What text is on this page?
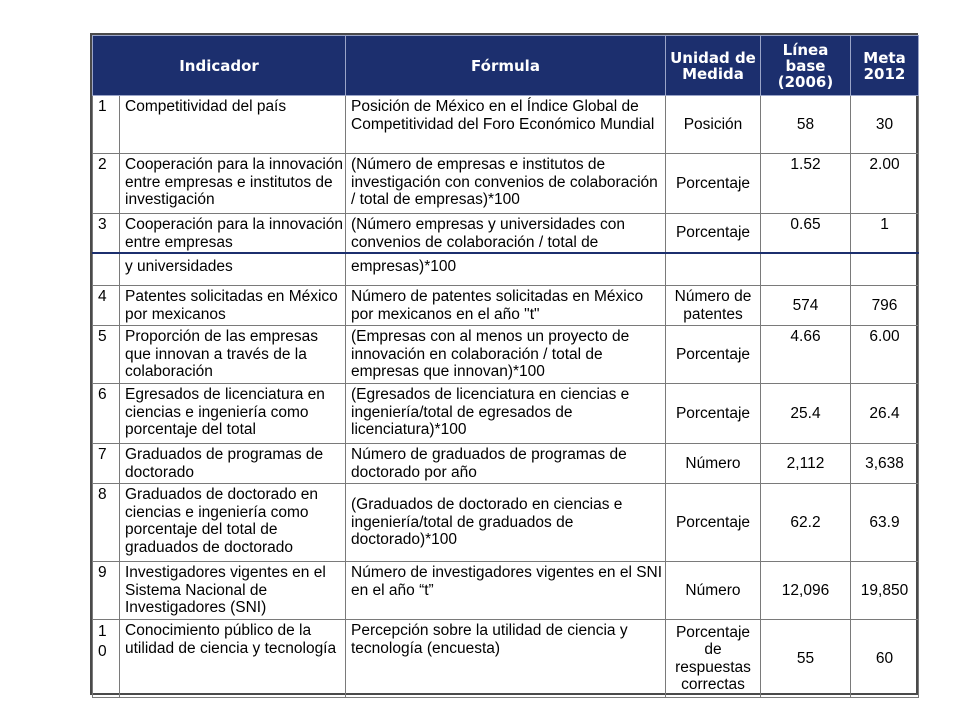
Indicador		Fórmula	Unidad de Medida	Línea base (2006)	Meta 2012
1	Competitividad del país	Posición de México en el Índice Global de Competitividad del Foro Económico Mundial	Posición	58	30
2	Cooperación para la innovación entre empresas e institutos de investigación	(Número de empresas e institutos de investigación con convenios de colaboración / total de empresas)*100	Porcentaje	1.52	2.00
3	Cooperación para la innovación entre empresas	(Número empresas y universidades con convenios de colaboración / total de	Porcentaje	0.65	1
	y universidades	empresas)*100			
4	Patentes solicitadas en México por mexicanos	Número de patentes solicitadas en México por mexicanos en el año "t"	Número de patentes	574	796
5	Proporción de las empresas que innovan a través de la colaboración	(Empresas con al menos un proyecto de innovación en colaboración / total de empresas que innovan)*100	Porcentaje	4.66	6.00
6	Egresados de licenciatura en ciencias e ingeniería como porcentaje del total	(Egresados de licenciatura en ciencias e ingeniería/total de egresados de licenciatura)*100	Porcentaje	25.4	26.4
7	Graduados de programas de doctorado	Número de graduados de programas de doctorado por año	Número	2,112	3,638
8	Graduados de doctorado en ciencias e ingeniería como porcentaje del total de graduados de doctorado	(Graduados de doctorado en ciencias e ingeniería/total de graduados de doctorado)*100	Porcentaje	62.2	63.9
9	Investigadores vigentes en el Sistema Nacional de Investigadores (SNI)	Número de investigadores vigentes en el SNI en el año “t”	Número	12,096	19,850
1 0	Conocimiento público de la utilidad de ciencia y tecnología	Percepción sobre la utilidad de ciencia y tecnología (encuesta)	Porcentaje de respuestas correctas	55	60
